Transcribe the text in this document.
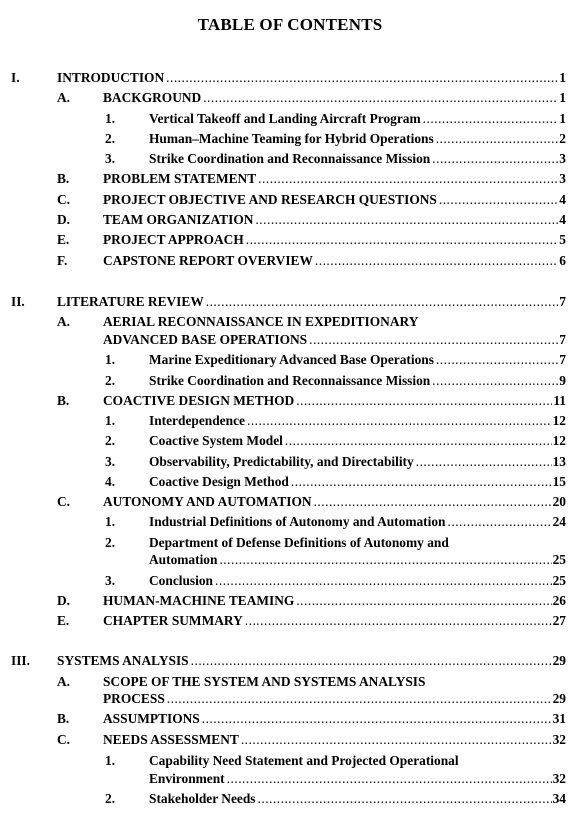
TABLE OF CONTENTS
I.	INTRODUCTION .....	1
A. BACKGROUND .....	1
1.	Vertical Takeoff and Landing Aircraft Program .....	1
2.	Human–Machine Teaming for Hybrid Operations .....	2
3.	Strike Coordination and Reconnaissance Mission .....	3
B.	PROBLEM STATEMENT .....	3
C. PROJECT OBJECTIVE AND RESEARCH QUESTIONS .....	4
D. TEAM ORGANIZATION .....	4
E.	PROJECT APPROACH .....	5
F.	CAPSTONE REPORT OVERVIEW .....	6
II. LITERATURE REVIEW .....	7
A. AERIAL RECONNAISSANCE IN EXPEDITIONARY
ADVANCED BASE OPERATIONS .....	7
1.	Marine Expeditionary Advanced Base Operations .....	7
2.	Strike Coordination and Reconnaissance Mission .....	9
B.	COACTIVE DESIGN METHOD .....	11
1.	Interdependence .....	12
2.	Coactive System Model .....	12
3.	Observability, Predictability, and Directability .....	13
4.	Coactive Design Method .....	15
C. AUTONOMY AND AUTOMATION .....	20
1.	Industrial Definitions of Autonomy and Automation .....	24
2.	Department of Defense Definitions of Autonomy and
Automation .....	25
3.	Conclusion .....	25
D. HUMAN-MACHINE TEAMING .....	26
E.	CHAPTER SUMMARY .....	27
III. SYSTEMS ANALYSIS .....	29
A. SCOPE OF THE SYSTEM AND SYSTEMS ANALYSIS
PROCESS .....	29
B.	ASSUMPTIONS .....	31
C. NEEDS ASSESSMENT .....	32
1.	Capability Need Statement and Projected Operational
Environment .....	32
2.	Stakeholder Needs .....	34
